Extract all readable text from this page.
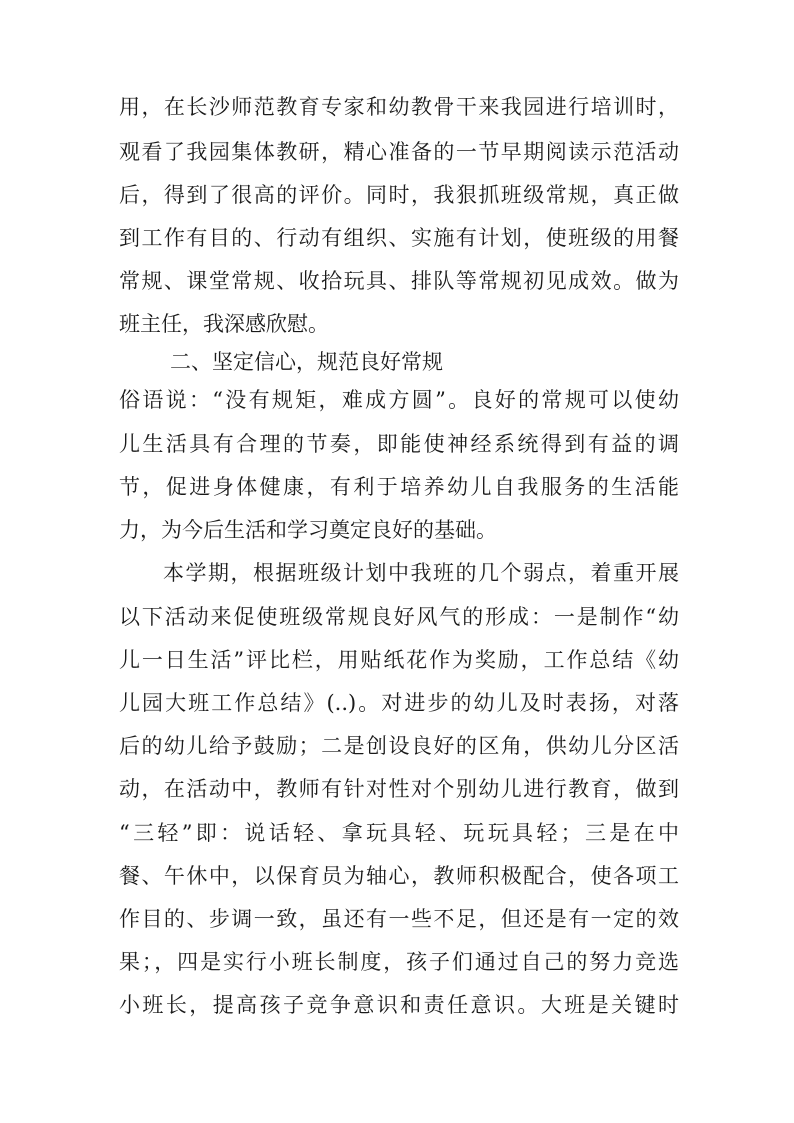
用，在长沙师范教育专家和幼教骨干来我园进行培训时，
观看了我园集体教研，精心准备的一节早期阅读示范活动
后，得到了很高的评价。同时，我狠抓班级常规，真正做
到工作有目的、行动有组织、实施有计划，使班级的用餐
常规、课堂常规、收拾玩具、排队等常规初见成效。做为
班主任，我深感欣慰。
二、坚定信心，规范良好常规
俗语说：“没有规矩，难成方圆”。良好的常规可以使幼
儿生活具有合理的节奏，即能使神经系统得到有益的调
节，促进身体健康，有利于培养幼儿自我服务的生活能
力，为今后生活和学习奠定良好的基础。
本学期，根据班级计划中我班的几个弱点，着重开展
以下活动来促使班级常规良好风气的形成：一是制作“幼
儿一日生活”评比栏，用贴纸花作为奖励，工作总结《幼
儿园大班工作总结》(..)。对进步的幼儿及时表扬，对落
后的幼儿给予鼓励；二是创设良好的区角，供幼儿分区活
动，在活动中，教师有针对性对个别幼儿进行教育，做到
“三轻”即：说话轻、拿玩具轻、玩玩具轻；三是在中
餐、午休中，以保育员为轴心，教师积极配合，使各项工
作目的、步调一致，虽还有一些不足，但还是有一定的效
果；，四是实行小班长制度，孩子们通过自己的努力竞选
小班长，提高孩子竞争意识和责任意识。大班是关键时
